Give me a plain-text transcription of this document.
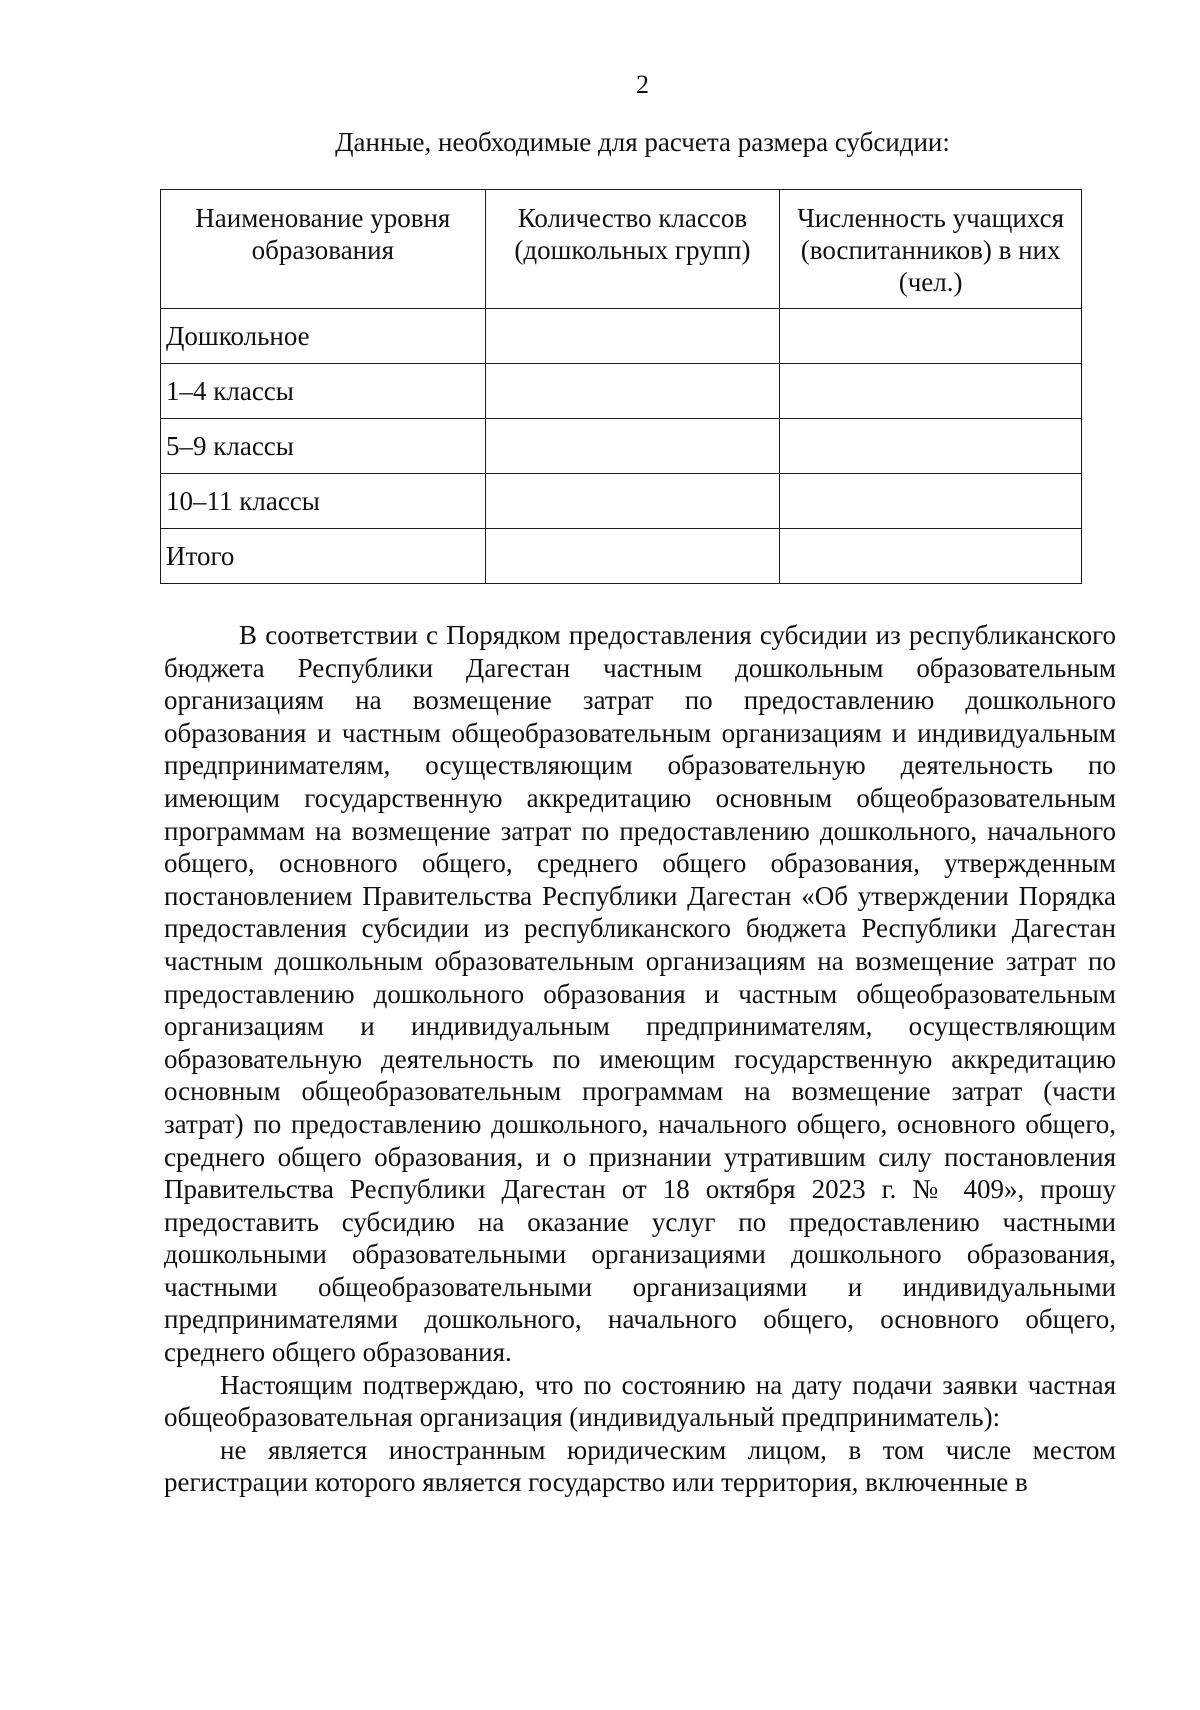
2
Данные, необходимые для расчета размера субсидии:
Наименование уровня образования	Количество классов (дошкольных групп)	Численность учащихся (воспитанников) в них (чел.)
Дошкольное		
1–4 классы		
5–9 классы		
10–11 классы		
Итого		

В соответствии с Порядком предоставления субсидии из республиканского бюджета Республики Дагестан частным дошкольным образовательным организациям на возмещение затрат по предоставлению дошкольного образования и частным общеобразовательным организациям и индивидуальным предпринимателям, осуществляющим образовательную деятельность по имеющим государственную аккредитацию основным общеобразовательным программам на возмещение затрат по предоставлению дошкольного, начального общего, основного общего, среднего общего образования, утвержденным постановлением Правительства Республики Дагестан «Об утверждении Порядка предоставления субсидии из республиканского бюджета Республики Дагестан частным дошкольным образовательным организациям на возмещение затрат по предоставлению дошкольного образования и частным общеобразовательным организациям и индивидуальным предпринимателям, осуществляющим образовательную деятельность по имеющим государственную аккредитацию основным общеобразовательным программам на возмещение затрат (части затрат) по предоставлению дошкольного, начального общего, основного общего, среднего общего образования, и о признании утратившим силу постановления Правительства Республики Дагестан от 18 октября 2023 г. № 409», прошу предоставить субсидию на оказание услуг по предоставлению частными дошкольными образовательными организациями дошкольного образования, частными общеобразовательными организациями и индивидуальными предпринимателями дошкольного, начального общего, основного общего, среднего общего образования.

Настоящим подтверждаю, что по состоянию на дату подачи заявки частная общеобразовательная организация (индивидуальный предприниматель):

не является иностранным юридическим лицом, в том числе местом регистрации которого является государство или территория, включенные в
